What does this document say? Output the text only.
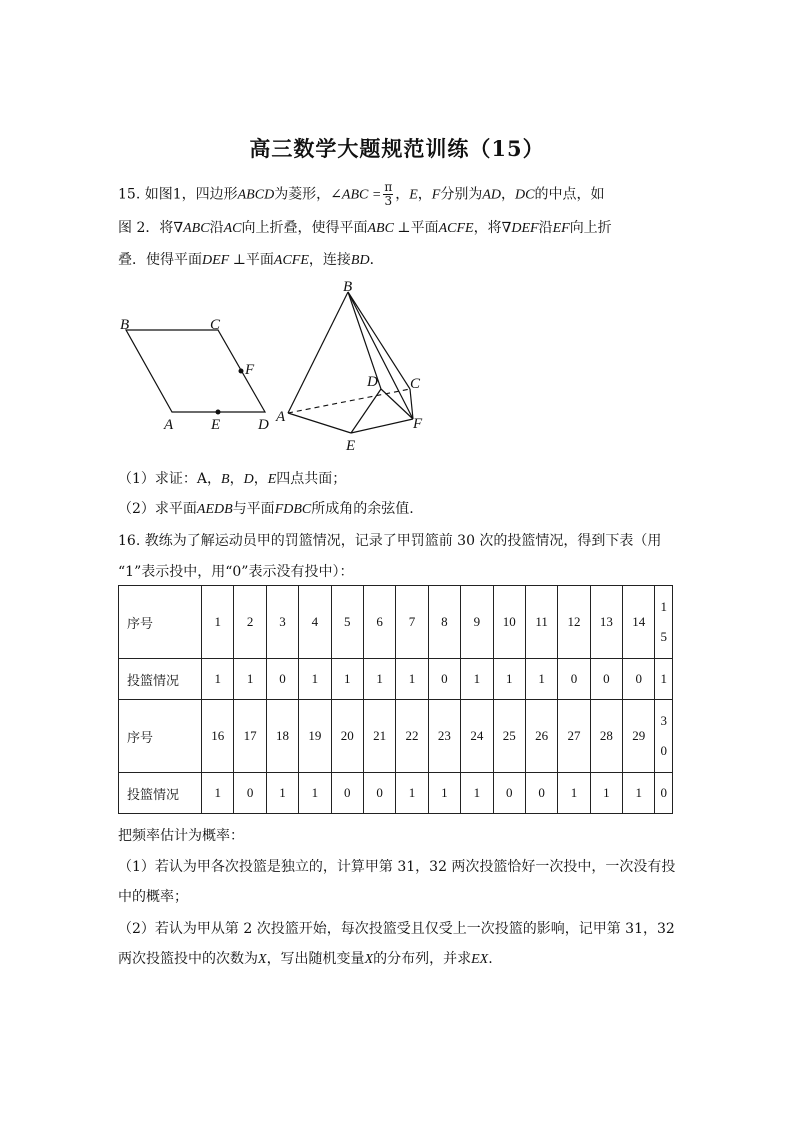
高三数学大题规范训练（15）
15. 如图1，四边形ABCD为菱形，∠ABC = $\frac{\pi}{3}$ ，E，F分别为AD，DC的中点，如
图 2．将∇ABC沿AC向上折叠，使得平面ABC ⊥平面ACFE，将∇DEF沿EF向上折
叠．使得平面DEF ⊥平面ACFE，连接BD．
B	C
F
A	E	D
B
D C
A	F
E
（1）求证：A，B，D，E四点共面；
（2）求平面AEDB与平面FDBC所成角的余弦值.
16. 教练为了解运动员甲的罚篮情况，记录了甲罚篮前 30 次的投篮情况，得到下表（用
“1”表示投中，用“0”表示没有投中）：
序号	1	2	3	4	5	6	7	8	9	10	11	12	13	14	1
5
投篮情况	1	1	0	1	1	1	1	0	1	1	1	0	0	0	1
序号	16	17	18	19	20	21	22	23	24	25	26	27	28	29	3
0
投篮情况	1	0	1	1	0	0	1	1	1	0	0	1	1	1	0
把频率估计为概率：
（1）若认为甲各次投篮是独立的，计算甲第 31，32 两次投篮恰好一次投中，一次没有投
中的概率；
（2）若认为甲从第 2 次投篮开始，每次投篮受且仅受上一次投篮的影响，记甲第 31，32
两次投篮投中的次数为X，写出随机变量X的分布列，并求EX.
